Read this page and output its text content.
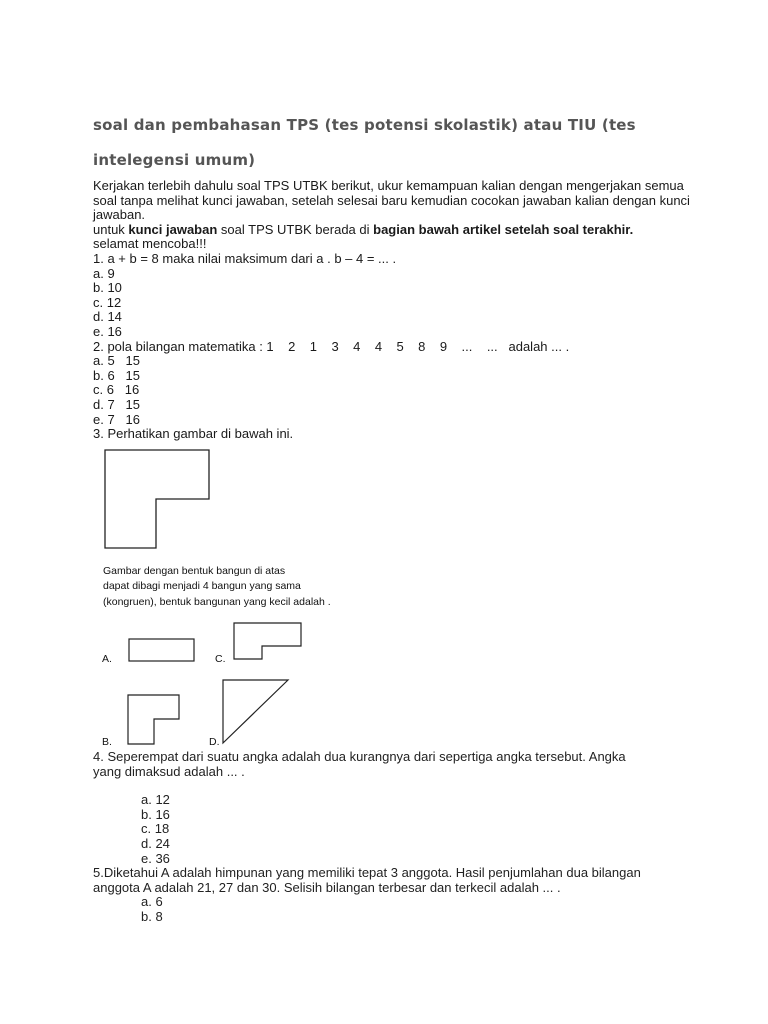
soal dan pembahasan TPS (tes potensi skolastik) atau TIU (tes
intelegensi umum)
Kerjakan terlebih dahulu soal TPS UTBK berikut, ukur kemampuan kalian dengan mengerjakan semua soal tanpa melihat kunci jawaban, setelah selesai baru kemudian cocokan jawaban kalian dengan kunci jawaban.
untuk kunci jawaban soal TPS UTBK berada di bagian bawah artikel setelah soal terakhir.
selamat mencoba!!!
1. a + b = 8 maka nilai maksimum dari a . b – 4 = ... .
a. 9
b. 10
c. 12
d. 14
e. 16
2. pola bilangan matematika : 1    2    1    3    4    4    5    8    9    ...    ...   adalah ... .
a. 5   15
b. 6   15
c. 6   16
d. 7   15
e. 7   16
3. Perhatikan gambar di bawah ini.
Gambar dengan bentuk bangun di atas
dapat dibagi menjadi 4 bangun yang sama
(kongruen), bentuk bangunan yang kecil adalah .
A.	C.
B.	D.
4. Seperempat dari suatu angka adalah dua kurangnya dari sepertiga angka tersebut. Angka
yang dimaksud adalah ... .
a. 12
b. 16
c. 18
d. 24
e. 36
5.Diketahui A adalah himpunan yang memiliki tepat 3 anggota. Hasil penjumlahan dua bilangan
anggota A adalah 21, 27 dan 30. Selisih bilangan terbesar dan terkecil adalah ... .
a. 6
b. 8
